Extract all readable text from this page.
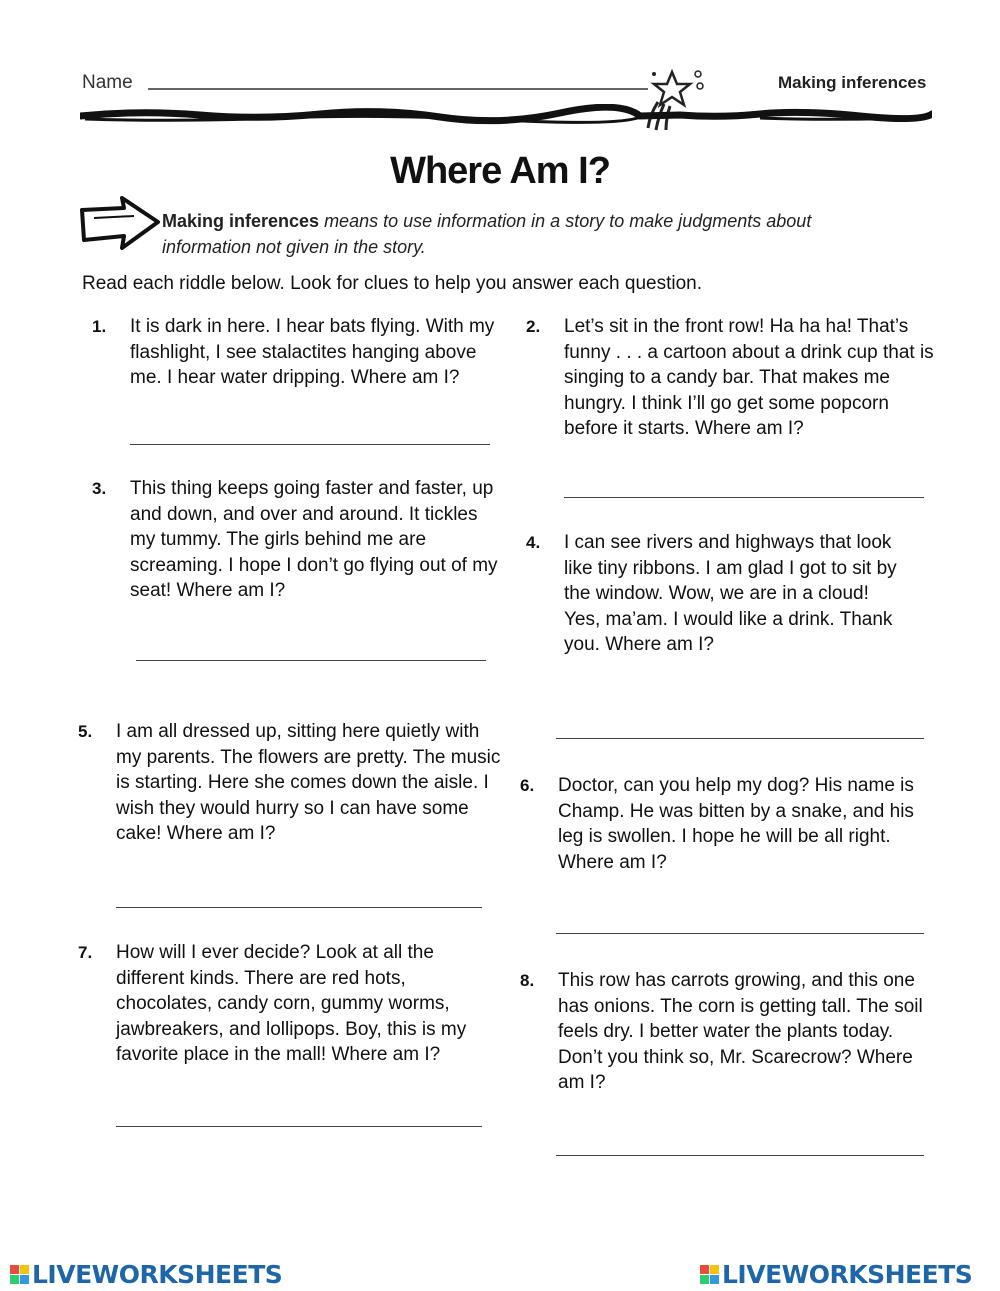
Name	Making inferences
Where Am I?
Making inferences means to use information in a story to make judgments about information not given in the story.
Read each riddle below. Look for clues to help you answer each question.
1. It is dark in here. I hear bats flying. With my flashlight, I see stalactites hanging above me. I hear water dripping. Where am I?
2. Let’s sit in the front row! Ha ha ha! That’s funny . . . a cartoon about a drink cup that is singing to a candy bar. That makes me hungry. I think I’ll go get some popcorn before it starts. Where am I?
3. This thing keeps going faster and faster, up and down, and over and around. It tickles my tummy. The girls behind me are screaming. I hope I don’t go flying out of my seat! Where am I?
4. I can see rivers and highways that look like tiny ribbons. I am glad I got to sit by the window. Wow, we are in a cloud! Yes, ma’am. I would like a drink. Thank you. Where am I?
5. I am all dressed up, sitting here quietly with my parents. The flowers are pretty. The music is starting. Here she comes down the aisle. I wish they would hurry so I can have some cake! Where am I?
6. Doctor, can you help my dog? His name is Champ. He was bitten by a snake, and his leg is swollen. I hope he will be all right. Where am I?
7. How will I ever decide? Look at all the different kinds. There are red hots, chocolates, candy corn, gummy worms, jawbreakers, and lollipops. Boy, this is my favorite place in the mall! Where am I?
8. This row has carrots growing, and this one has onions. The corn is getting tall. The soil feels dry. I better water the plants today. Don’t you think so, Mr. Scarecrow? Where am I?
LIVEWORKSHEETS	LIVEWORKSHEETS
